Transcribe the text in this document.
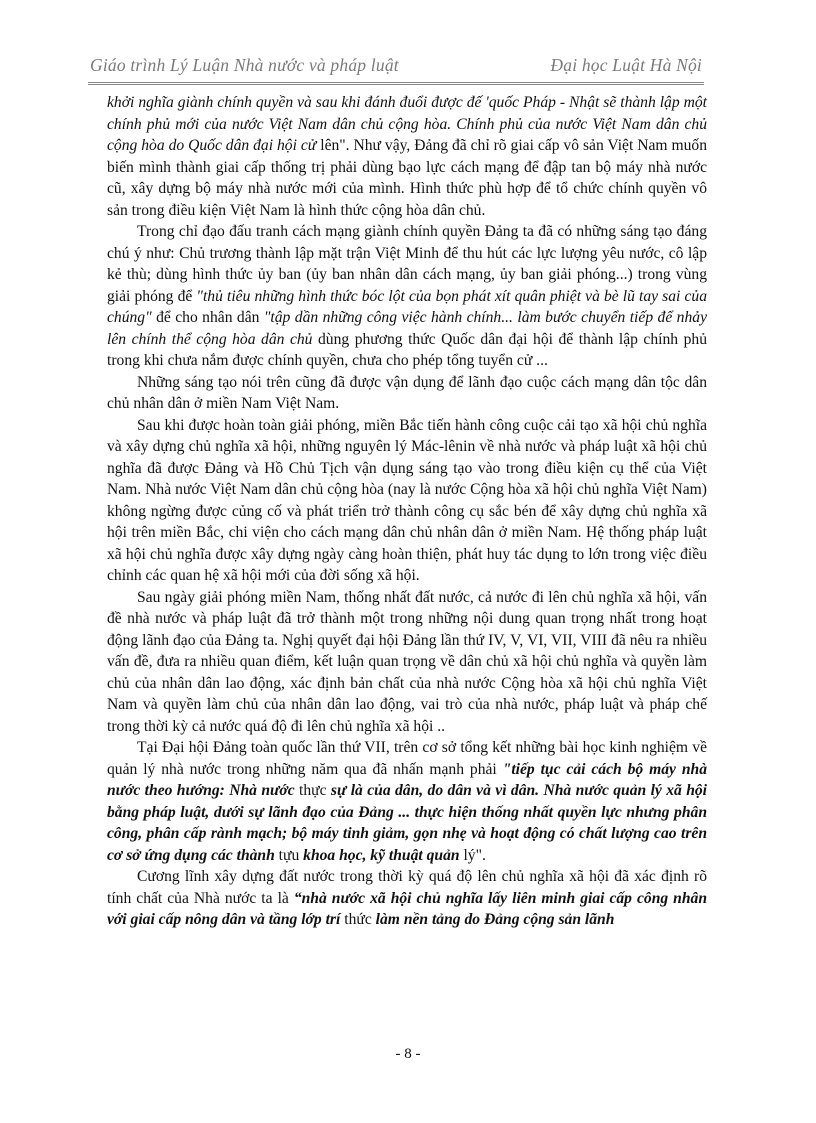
Giáo trình Lý Luận Nhà nước và pháp luật	Đại học Luật Hà Nội

khởi nghĩa giành chính quyền và sau khi đánh đuổi được đế 'quốc Pháp - Nhật sẽ thành lập một chính phủ mới của nước Việt Nam dân chủ cộng hòa. Chính phủ của nước Việt Nam dân chủ cộng hòa do Quốc dân đại hội cử lên". Như vậy, Đảng đã chỉ rõ giai cấp vô sản Việt Nam muốn biến mình thành giai cấp thống trị phải dùng bạo lực cách mạng để đập tan bộ máy nhà nước cũ, xây dựng bộ máy nhà nước mới của mình. Hình thức phù hợp để tổ chức chính quyền vô sản trong điều kiện Việt Nam là hình thức cộng hòa dân chủ.

Trong chỉ đạo đấu tranh cách mạng giành chính quyền Đảng ta đã có những sáng tạo đáng chú ý như: Chủ trương thành lập mặt trận Việt Minh để thu hút các lực lượng yêu nước, cô lập kẻ thù; dùng hình thức ủy ban (ủy ban nhân dân cách mạng, ủy ban giải phóng...) trong vùng giải phóng để "thủ tiêu những hình thức bóc lột của bọn phát xít quân phiệt và bè lũ tay sai của chúng" để cho nhân dân "tập dần những công việc hành chính... làm bước chuyển tiếp để nhảy lên chính thể cộng hòa dân chủ dùng phương thức Quốc dân đại hội để thành lập chính phủ trong khi chưa nắm được chính quyền, chưa cho phép tổng tuyển cử ...

Những sáng tạo nói trên cũng đã được vận dụng để lãnh đạo cuộc cách mạng dân tộc dân chủ nhân dân ở miền Nam Việt Nam.

Sau khi được hoàn toàn giải phóng, miền Bắc tiến hành công cuộc cải tạo xã hội chủ nghĩa và xây dựng chủ nghĩa xã hội, những nguyên lý Mác-lênin về nhà nước và pháp luật xã hội chủ nghĩa đã được Đảng và Hồ Chủ Tịch vận dụng sáng tạo vào trong điều kiện cụ thể của Việt Nam. Nhà nước Việt Nam dân chủ cộng hòa (nay là nước Cộng hòa xã hội chủ nghĩa Việt Nam) không ngừng được củng cố và phát triển trở thành công cụ sắc bén để xây dựng chủ nghĩa xã hội trên miền Bắc, chi viện cho cách mạng dân chủ nhân dân ở miền Nam. Hệ thống pháp luật xã hội chủ nghĩa được xây dựng ngày càng hoàn thiện, phát huy tác dụng to lớn trong việc điều chỉnh các quan hệ xã hội mới của đời sống xã hội.

Sau ngày giải phóng miền Nam, thống nhất đất nước, cả nước đi lên chủ nghĩa xã hội, vấn đề nhà nước và pháp luật đã trở thành một trong những nội dung quan trọng nhất trong hoạt động lãnh đạo của Đảng ta. Nghị quyết đại hội Đảng lần thứ IV, V, VI, VII, VIII đã nêu ra nhiều vấn đề, đưa ra nhiều quan điểm, kết luận quan trọng về dân chủ xã hội chủ nghĩa và quyền làm chủ của nhân dân lao động, xác định bản chất của nhà nước Cộng hòa xã hội chủ nghĩa Việt Nam và quyền làm chủ của nhân dân lao động, vai trò của nhà nước, pháp luật và pháp chế trong thời kỳ cả nước quá độ đi lên chủ nghĩa xã hội ..

Tại Đại hội Đảng toàn quốc lần thứ VII, trên cơ sở tổng kết những bài học kinh nghiệm về quản lý nhà nước trong những năm qua đã nhấn mạnh phải "tiếp tục cải cách bộ máy nhà nước theo hướng: Nhà nước thực sự là của dân, do dân và vì dân. Nhà nước quản lý xã hội bằng pháp luật, dưới sự lãnh đạo của Đảng ... thực hiện thống nhất quyền lực nhưng phân công, phân cấp rành mạch; bộ máy tinh giảm, gọn nhẹ và hoạt động có chất lượng cao trên cơ sở ứng dụng các thành tựu khoa học, kỹ thuật quản lý".

Cương lĩnh xây dựng đất nước trong thời kỳ quá độ lên chủ nghĩa xã hội đã xác định rõ tính chất của Nhà nước ta là “nhà nước xã hội chủ nghĩa lấy liên minh giai cấp công nhân với giai cấp nông dân và tầng lớp trí thức làm nền tảng do Đảng cộng sản lãnh

- 8 -
